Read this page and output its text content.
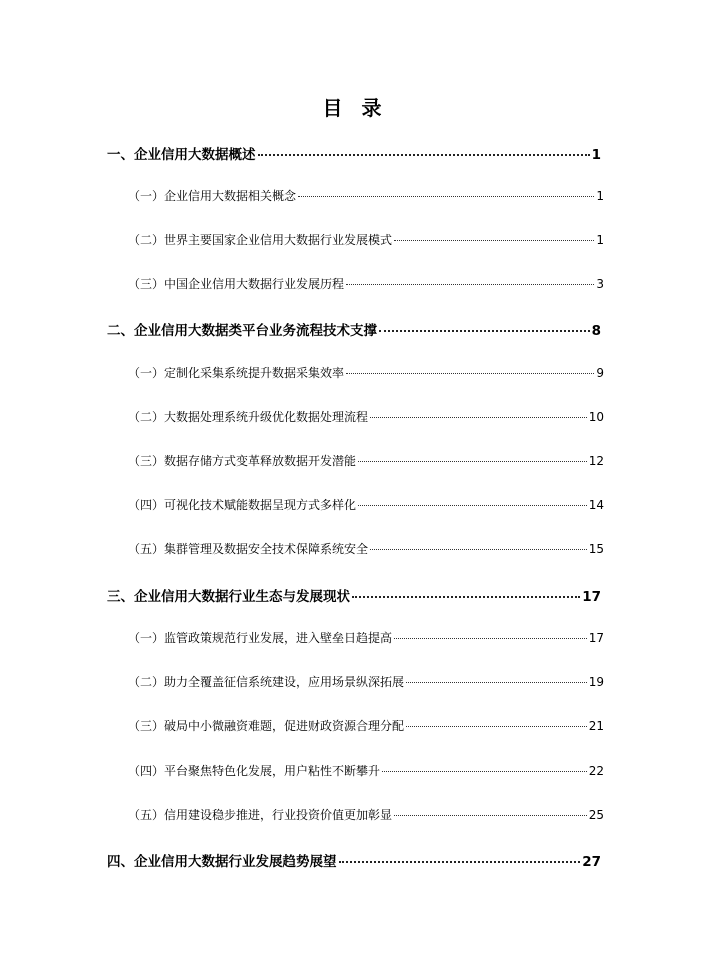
目 录
一、 企业信用大数据概述	1
（一） 企业信用大数据相关概念	1
（二） 世界主要国家企业信用大数据行业发展模式	1
（三） 中国企业信用大数据行业发展历程	3
二、 企业信用大数据类平台业务流程技术支撑	8
（一） 定制化采集系统提升数据采集效率	9
（二） 大数据处理系统升级优化数据处理流程	10
（三） 数据存储方式变革释放数据开发潜能	12
（四） 可视化技术赋能数据呈现方式多样化	14
（五） 集群管理及数据安全技术保障系统安全	15
三、 企业信用大数据行业生态与发展现状	17
（一） 监管政策规范行业发展，进入壁垒日趋提高	17
（二） 助力全覆盖征信系统建设，应用场景纵深拓展	19
（三） 破局中小微融资难题，促进财政资源合理分配	21
（四） 平台聚焦特色化发展，用户粘性不断攀升	22
（五） 信用建设稳步推进，行业投资价值更加彰显	25
四、 企业信用大数据行业发展趋势展望	27
